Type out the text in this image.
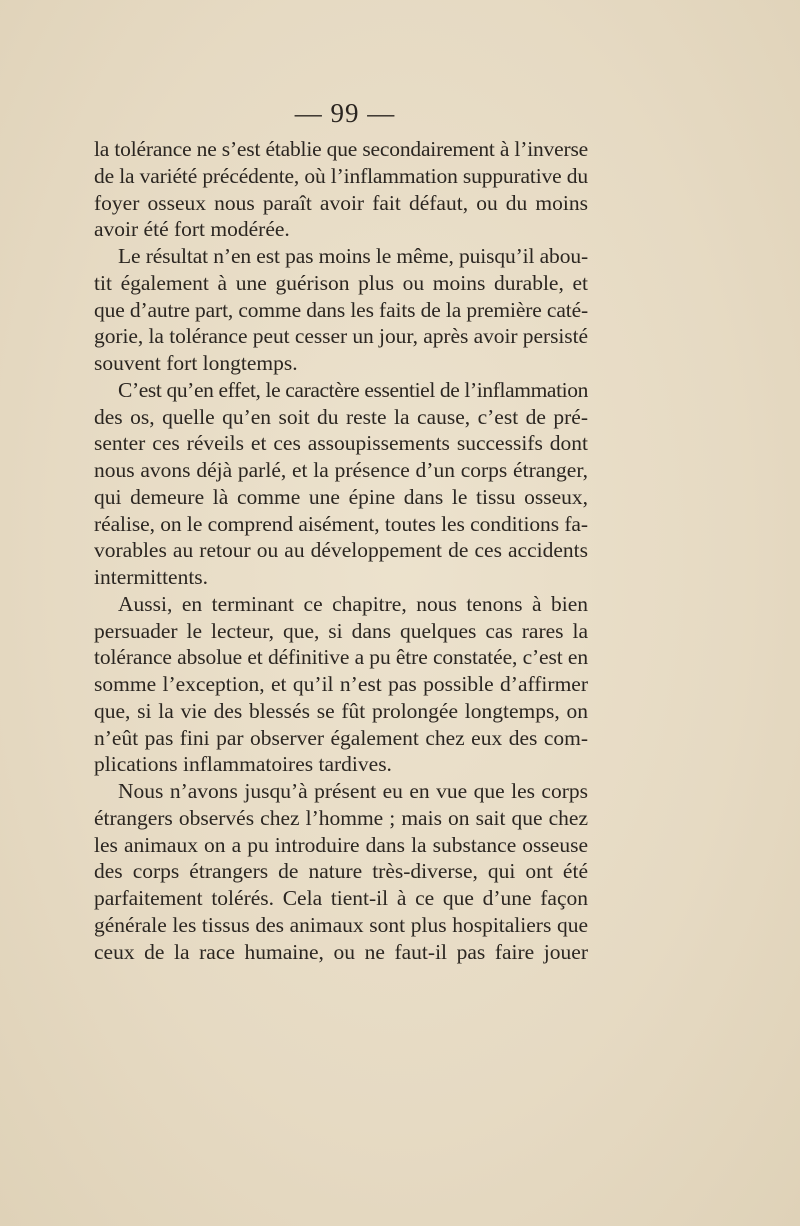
— 99 —
la tolérance ne s’est établie que secondairement à l’inverse
de la variété précédente, où l’inflammation suppurative du
foyer osseux nous paraît avoir fait défaut, ou du moins
avoir été fort modérée.
Le résultat n’en est pas moins le même, puisqu’il abou-
tit également à une guérison plus ou moins durable, et
que d’autre part, comme dans les faits de la première caté-
gorie, la tolérance peut cesser un jour, après avoir persisté
souvent fort longtemps.
C’est qu’en effet, le caractère essentiel de l’inflammation
des os, quelle qu’en soit du reste la cause, c’est de pré-
senter ces réveils et ces assoupissements successifs dont
nous avons déjà parlé, et la présence d’un corps étranger,
qui demeure là comme une épine dans le tissu osseux,
réalise, on le comprend aisément, toutes les conditions fa-
vorables au retour ou au développement de ces accidents
intermittents.
Aussi, en terminant ce chapitre, nous tenons à bien
persuader le lecteur, que, si dans quelques cas rares la
tolérance absolue et définitive a pu être constatée, c’est en
somme l’exception, et qu’il n’est pas possible d’affirmer
que, si la vie des blessés se fût prolongée longtemps, on
n’eût pas fini par observer également chez eux des com-
plications inflammatoires tardives.
Nous n’avons jusqu’à présent eu en vue que les corps
étrangers observés chez l’homme ; mais on sait que chez
les animaux on a pu introduire dans la substance osseuse
des corps étrangers de nature très-diverse, qui ont été
parfaitement tolérés. Cela tient-il à ce que d’une façon
générale les tissus des animaux sont plus hospitaliers que
ceux de la race humaine, ou ne faut-il pas faire jouer
